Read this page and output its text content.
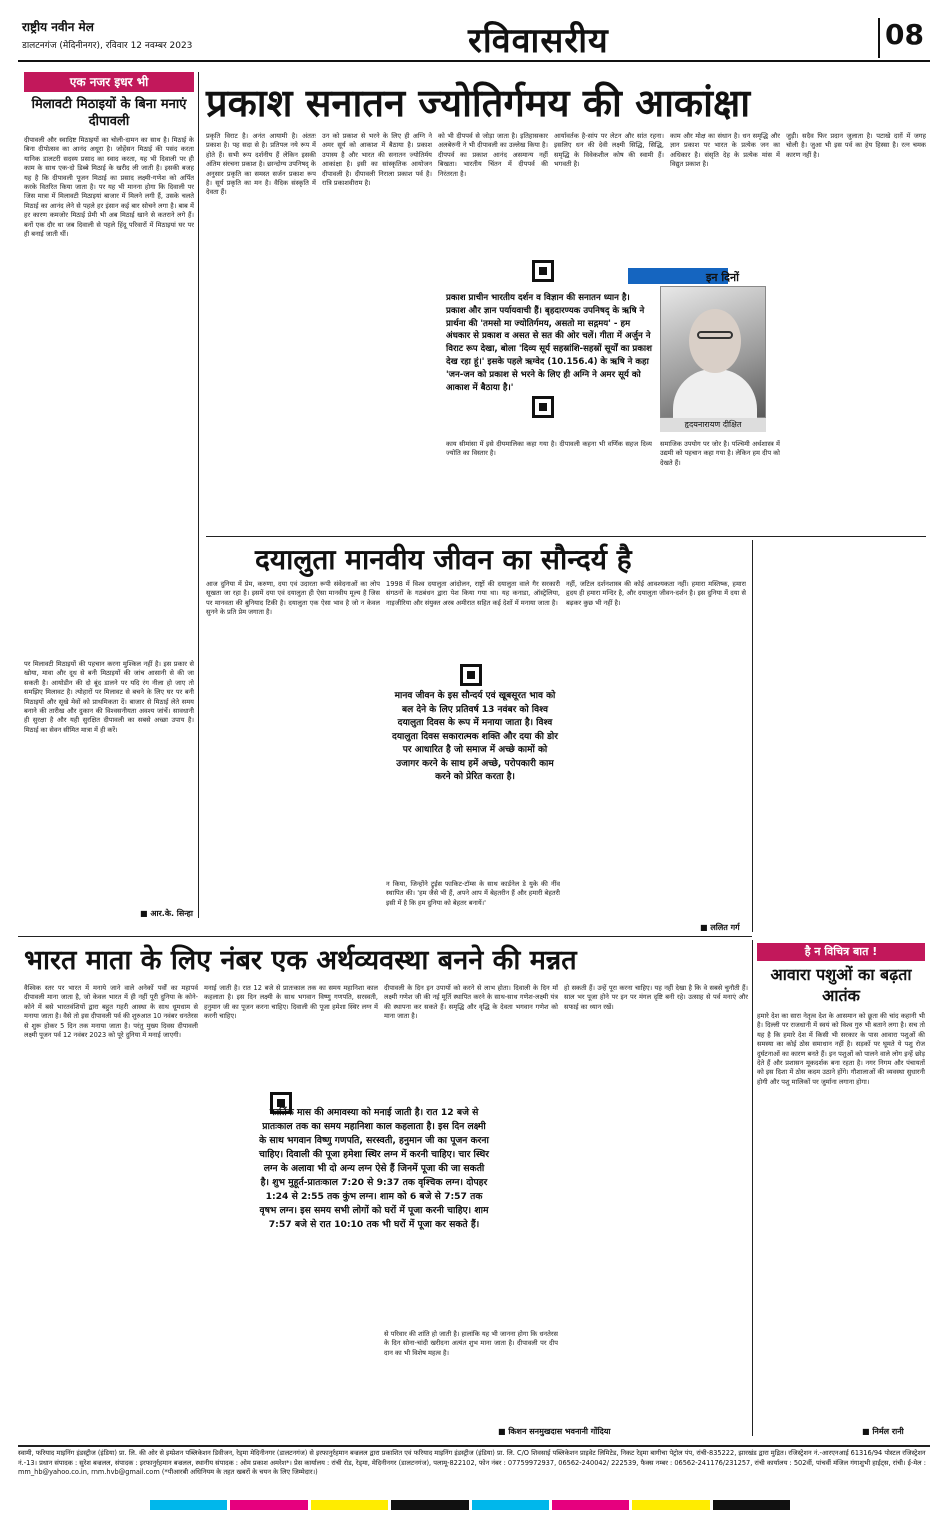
राष्ट्रीय नवीन मेल
डालटनगंज (मेदिनीनगर), रविवार 12 नवम्बर 2023	रविवासरीय	08
एक नजर इधर भी
मिलावटी मिठाइयों के बिना मनाएं दीपावली

दीपावली और स्वादिष्ट मिठाइयों का चोली-दामन का साथ है। मिठाई के बिना दीपोत्सव का आनंद अधूरा है। जोहेंसन मिठाई की पसंद करता यानिक डालटरी सदस्य प्रसाद का स्वाद करता, यह भी दिवाली पर ही काम के साथ एक-दो डिब्बे मिठाई के खरीद ली जाती है। इसकी बजह यह है कि दीपावली पूजन मिठाई का प्रसाद लक्ष्मी-गणेश को अर्पित करके वितरित किया जाता है। पर यह भी मानना होगा कि दिवाली पर जिस मात्रा में मिलावटी मिठाइयां बाजार में मिलने लगी हैं, उसके चलते मिठाई का आनंद लेने से पहले हर इंसान कई बार सोचने लगा है। बाब में हर कारण कमजोर मिठाई प्रेमी भी अब मिठाई खाने से कतराने लगे हैं। बनों एक दौर था जब दिवाली से पहले हिंदू परिवारों में मिठाइयां घर पर ही बनाई जाती थीं।

पर मिलावटी मिठाइयों की पहचान करना मुश्किल नहीं है। इस प्रकार से खोया, मावा और दूध से बनी मिठाइयों की जांच आसानी से की जा सकती है। आयोडीन की दो बूंद डालने पर यदि रंग नीला हो जाए तो समझिए मिलावट है। त्योहारों पर मिलावट से बचने के लिए घर पर बनी मिठाइयों और सूखे मेवों को प्राथमिकता दें। बाजार से मिठाई लेते समय बनाने की तारीख और दुकान की विश्वसनीयता अवश्य जांचें। सावधानी ही सुरक्षा है और यही सुरक्षित दीपावली का सबसे अच्छा उपाय है। मिठाई का सेवन सीमित मात्रा में ही करें।

■ आर.के. सिन्हा
प्रकाश सनातन ज्योतिर्गमय की आकांक्षा

प्रकृति विराट है। अनंत आयामी है। अंततः प्रकाश है। पह सदा से है। प्रतिपल नये रूप में होते हैं। सभी रूप दर्शनीय हैं लेकिन इसकी अंतिम संरचना प्रकाश है। छान्दोग्य उपनिषद् के अनुसार प्रकृति का समस्त सर्जन प्रकाश रूप है। सूर्य प्रकृति का मन है। वैदिक संस्कृति में देवता हैं।

उन को प्रकाश से भरने के लिए ही अग्नि ने अमर सूर्य को आकाश में बैठाया है। प्रकाश उपास्य है और भारत की सनातन ज्योतिर्मय आकांक्षा है। इसी का सांस्कृतिक आयोजन दीपावली है। दीपावली निराला प्रकाश पर्व है। रात्रि प्रकाशवीराम है।

को भी दीपपर्व से जोड़ा जाता है। इतिहासकार अलबेरुनी ने भी दीपावली का उल्लेख किया है। दीपपर्व का प्रकाश आनंद असमान्य नहीं बिखता। भारतीय चिंतन में दीपपर्व की निरंतरता है।

आर्यावर्तक है-सांप पर लेटन और सांत रहना। इसलिए धन की देवी लक्ष्मी सिद्धि, सिद्धि, समृद्धि के विवेकशील कोष की स्वामी हैं। भगवती है।

काम और मोक्ष का संधान है। धन समृद्धि और ज्ञान प्रकाश पर भारत के प्रत्येक जन का अधिकार है। संसृति देह के प्रत्येक मांस में विद्युत प्रकाश है।

जुड़ी। सदैव फिर प्रदान जुलाता है। पटाखे दाग़ें में जगह चोली है। जुआ भी इस पर्व का हेय हिस्सा है। रत्न चमक कारण नहीं है।

प्रकाश प्राचीन भारतीय दर्शन व विज्ञान की सनातन ध्यान है। प्रकाश और ज्ञान पर्यायवाची हैं। बृहदारण्यक उपनिषद् के ऋषि ने प्रार्थना की 'तमसो मा ज्योतिर्गमय, असतो मा सद्गमय' - हम अंधकार से प्रकाश व असत से सत की ओर चलें। गीता में अर्जुन ने विराट रूप देखा, बोला 'दिव्य सूर्य सहस्रांशि-सहस्रों सूर्यों का प्रकाश देख रहा हूं।' इसके पहले ऋग्वेद (10.156.4) के ऋषि ने कहा 'जन-जन को प्रकाश से भरने के लिए ही अग्नि ने अमर सूर्य को आकाश में बैठाया है।'
इन दिनों
हृदयनारायण दीक्षित

काय सीमांसा में इसे दीयमालिका कहा गया है। दीपावली कहना भी वर्णिक सहज दिव्य ज्योति का विस्तार है।

समाजिक उपयोग पर जोर है। पश्चिमी अर्थशास्त्र में उद्यमी को पहचान कहा गया है। लेकिन हम दीप को देखते हैं।

दयालुता मानवीय जीवन का सौन्दर्य है

आज दुनिया में प्रेम, करुणा, दया एवं उदारता रूपी संवेदनाओं का लोप सूखता जा रहा है। इसमें दया एवं दयालुता ही ऐसा मानवीय मूल्य है जिस पर मानवता की बुनियाद टिकी है। दयालुता एक ऐसा भाव है जो न केवल सुनने के प्रति प्रेम जगाता है।

1998 में विश्व दयालुता आंदोलन, राष्ट्रों की दयालुता वाले गैर सरकारी संगठनों के गठबंधन द्वारा पेश किया गया था। यह कनाडा, ऑस्ट्रेलिया, नाइजीरिया और संयुक्त अरब अमीरात सहित कई देशों में मनाया जाता है।

नहीं, जटिल दर्शनशास्त्र की कोई आवश्यकता नहीं। हमारा मस्तिष्क, हमारा हृदय ही हमारा मन्दिर है, और दयालुता जीवन-दर्शन है। इस दुनिया में दया से बढ़कर कुछ भी नहीं है।

मानव जीवन के इस सौन्दर्य एवं खूबसूरत भाव को बल देने के लिए प्रतिवर्ष 13 नवंबर को विश्व दयालुता दिवस के रूप में मनाया जाता है। विश्व दयालुता दिवस सकारात्मक शक्ति और दया की डोर पर आधारित है जो समाज में अच्छे कामों को उजागर करने के साथ हमें अच्छे, परोपकारी काम करने को प्रेरित करता है।

न किया, जिन्होंने ट्रूईस फाकिट-टॉम्स के साथ कार्डनेल डे युके की नींव स्थापित की। 'हम जैसे भी हैं, अपने आप में बेहतरीन हैं और हमारी बेहतरी इसी में है कि हम दुनिया को बेहतर बनायें।'

■ ललित गर्ग
है न विचित्र बात !
आवारा पशुओं का बढ़ता आतंक

हमारे देश का सारा नेतृत्व देश के आसमान को छूता की चांद कहानी भी है। दिल्ली पर राजधानी में स्वयं को विश्व गुरु भी बताने लगा है। सच तो यह है कि हमारे देश में किसी भी सरकार के पास आवारा पशुओं की समस्या का कोई ठोस समाधान नहीं है। सड़कों पर घूमते ये पशु रोज दुर्घटनाओं का कारण बनते हैं। इन पशुओं को पालने वाले लोग इन्हें छोड़ देते हैं और प्रशासन मूकदर्शक बना रहता है। नगर निगम और पंचायतों को इस दिशा में ठोस कदम उठाने होंगे। गौशालाओं की व्यवस्था सुधारनी होगी और पशु मालिकों पर जुर्माना लगाना होगा।

■ निर्मल रानी
भारत माता के लिए नंबर एक अर्थव्यवस्था बनने की मन्नत

वैश्विक स्तर पर भारत में मनाये जाने वाले अनेकों पर्वों का महापर्व दीपावली माना जाता है, जो केवल भारत में ही नहीं पूरी दुनिया के कोने-कोने में बसे भारतवंशियों द्वारा बहुत गहरी आस्था के साथ धूमधाम से मनाया जाता है। वैसे तो इस दीपावली पर्व की शुरुआत 10 नवंबर धनतेरस से शुरू होकर 5 दिन तक मनाया जाता है। परंतु मुख्य दिवस दीपावली लक्ष्मी पूजन पर्व 12 नवंबर 2023 को पूरे दुनिया में मनाई जाएगी।

मनाई जाती है। रात 12 बजे से प्रातःकाल तक का समय महानिशा काल कहलाता है। इस दिन लक्ष्मी के साथ भगवान विष्णु गणपति, सरस्वती, हनुमान जी का पूजन करना चाहिए। दिवाली की पूजा हमेशा स्थिर लग्न में करनी चाहिए।

दीपावली के दिन इन उपायों को करने से लाभ होता। दिवाली के दिन माँ लक्ष्मी गणेश जी की नई मूर्ति स्थापित करने के साथ-साथ गणेश-लक्ष्मी यंत्र की स्थापना कर सकते हैं। समृद्धि और वृद्धि के देवता भगवान गणेश को माना जाता है।

हो सकती हैं। उन्हें पूरा करना चाहिए। यह नहीं देखा है कि वे सबसे चुनौती हैं। साल भर पूजा होने पर इन पर मंगल दृष्टि बनी रहे। उत्साह से पर्व मनाएं और सफाई का ध्यान रखें।

कार्तिक मास की अमावस्या को मनाई जाती है। रात 12 बजे से प्रातःकाल तक का समय महानिशा काल कहलाता है। इस दिन लक्ष्मी के साथ भगवान विष्णु गणपति, सरस्वती, हनुमान जी का पूजन करना चाहिए। दिवाली की पूजा हमेशा स्थिर लग्न में करनी चाहिए। चार स्थिर लग्न के अलावा भी दो अन्य लग्न ऐसे हैं जिनमें पूजा की जा सकती है। शुभ मुहूर्त-प्रातःकाल 7:20 से 9:37 तक वृश्चिक लग्न। दोपहर 1:24 से 2:55 तक कुंभ लग्न। शाम को 6 बजे से 7:57 तक वृषभ लग्न। इस समय सभी लोगों को घरों में पूजा करनी चाहिए। शाम 7:57 बजे से रात 10:10 तक भी घरों में पूजा कर सकते हैं।

से परिवार की शांति हो जाती है। हालांकि यह भी जानना होगा कि धनतेरस के दिन सोना-चांदी खरीदना अत्यंत शुभ माना जाता है। दीपावली पर दीप दान का भी विशेष महत्व है।

■ किशन सनमुखदास भवनानी गोंदिया
स्वामी, फरियाद माइनिंग इंडस्ट्रीज (इंडिया) प्रा. लि. की ओर से इम्प्रेशन पब्लिकेशन डिवीजन, रेड्मा मेदिनीनगर (डालटनगंज) से इरफानुर्रहमान बज्रलल द्वारा प्रकाशित एवं फरियाद माइनिंग इंडस्ट्रीज (इंडिया) प्रा. लि. C/O शिवसाई पब्लिकेशन प्राइवेट लिमिटेड, निकट रेड्मा बागीचा पेट्रोल पंप, रांची-835222, झारखंड द्वारा मुद्रित। रजिस्ट्रेशन नं.-आरएनआई 61316/94 पोस्टल रजिस्ट्रेशन नं.-13। प्रधान संपादक : सुरेश बज्रलल, संपादक : इरफानुर्रहमान बज्रलल, स्थानीय संपादक : ओम प्रकाश अमरेश*। प्रेस कार्यालय : रांची रोड, रेड्मा, मेदिनीनगर (डालटनगंज), पलामू-822102, फोन नंबर : 07759972937, 06562-240042/ 222539, फैक्स नम्बर : 06562-241176/231257, रांची कार्यालय : 502वीं, पांचवीं मंजिल गंगाशुभी हाईट्स, रांची। ई-मेल : mm_hb@yahoo.co.in, rnm.hvb@gmail.com (*पीआरबी अधिनियम के तहत खबरों के चयन के लिए जिम्मेदार।)
